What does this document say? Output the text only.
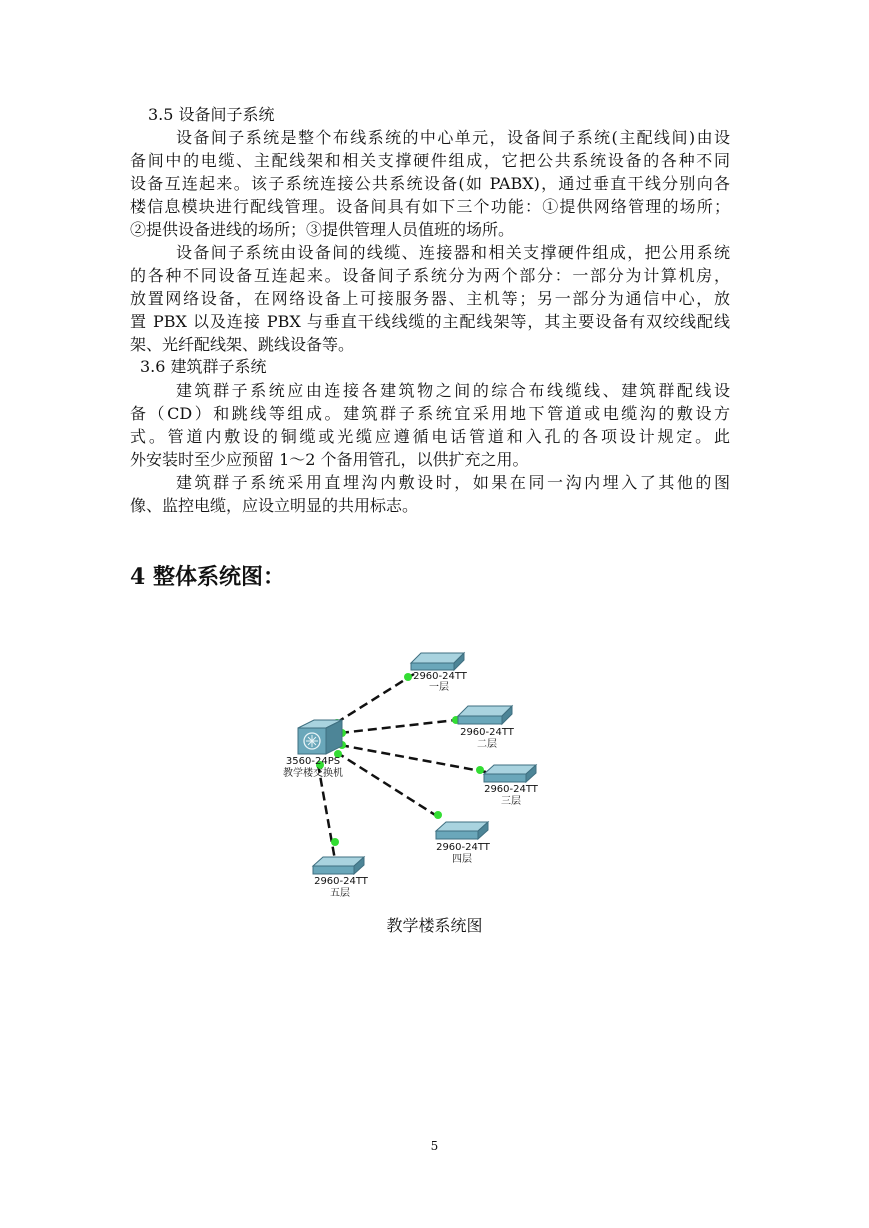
3.5 设备间子系统
设备间子系统是整个布线系统的中心单元，设备间子系统(主配线间)由设
备间中的电缆、主配线架和相关支撑硬件组成，它把公共系统设备的各种不同
设备互连起来。该子系统连接公共系统设备(如 PABX)，通过垂直干线分别向各
楼信息模块进行配线管理。设备间具有如下三个功能：①提供网络管理的场所；
②提供设备进线的场所；③提供管理人员值班的场所。
设备间子系统由设备间的线缆、连接器和相关支撑硬件组成，把公用系统
的各种不同设备互连起来。设备间子系统分为两个部分：一部分为计算机房，
放置网络设备，在网络设备上可接服务器、主机等；另一部分为通信中心，放
置 PBX 以及连接 PBX 与垂直干线线缆的主配线架等，其主要设备有双绞线配线
架、光纤配线架、跳线设备等。
3.6 建筑群子系统
建筑群子系统应由连接各建筑物之间的综合布线缆线、建筑群配线设
备（CD）和跳线等组成。建筑群子系统宜采用地下管道或电缆沟的敷设方
式。管道内敷设的铜缆或光缆应遵循电话管道和入孔的各项设计规定。此
外安装时至少应预留 1～2 个备用管孔，以供扩充之用。
建筑群子系统采用直埋沟内敷设时，如果在同一沟内埋入了其他的图
像、监控电缆，应设立明显的共用标志。
4 整体系统图：
3560-24PS
教学楼交换机
2960-24TT
一层
2960-24TT
二层
2960-24TT
三层
2960-24TT
四层
2960-24TT
五层
教学楼系统图
5
